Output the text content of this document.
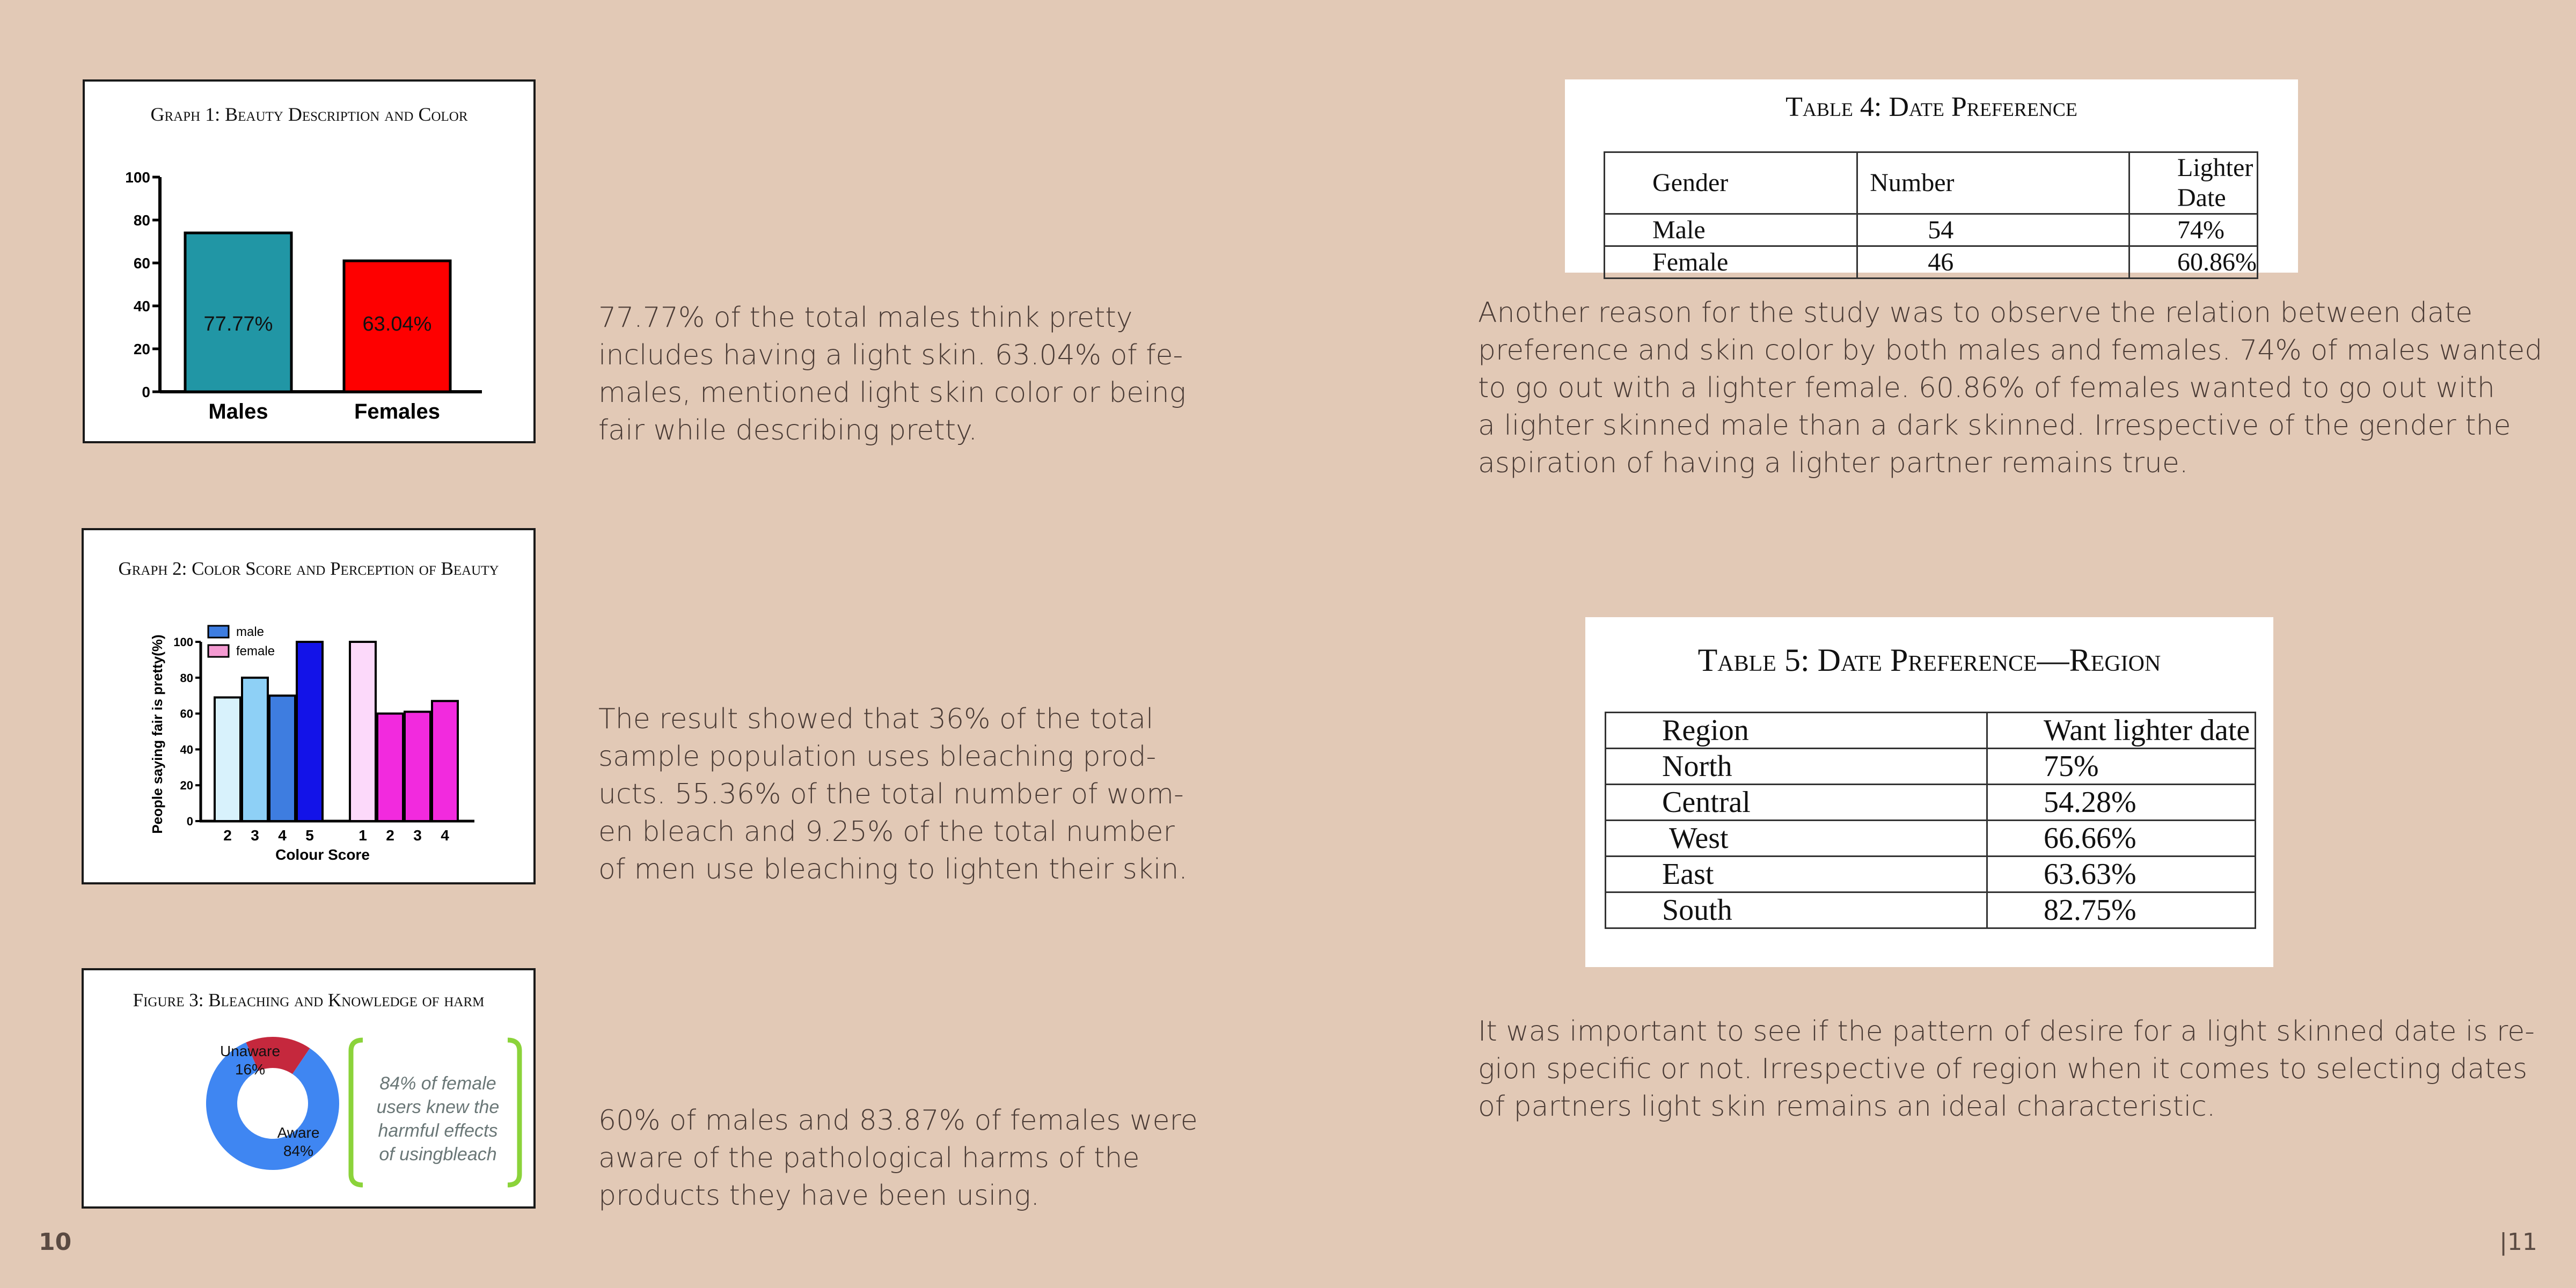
Graph 1: Beauty Description and Color
0
20
40
60
80
100
77.77%
Males
63.04%
Females
Graph 2: Color Score and Perception of Beauty
0
20
40
60
80
100
2 3 4 5	1 2 3 4
Colour Score
People saying fair is pretty(%)
male
female
Figure 3: Bleaching and Knowledge of harm
Unaware
16%
Aware
84%
84% of female
users knew the
harmful effects
of usingbleach

77.77% of the total males think pretty

includes having a light skin. 63.04% of fe-

males, mentioned light skin color or being

fair while describing pretty.

The result showed that 36% of the total

sample population uses bleaching prod-

ucts. 55.36% of the total number of wom-

en bleach and 9.25% of the total number

of men use bleaching to lighten their skin.

60% of males and 83.87% of females were

aware of the pathological harms of the

products they have been using.

Table 4: Date Preference
Gender	Number	Lighter Date
Male	54	74%
Female	46	60.86%

Another reason for the study was to observe the relation between date

preference and skin color by both males and females. 74% of males wanted

to go out with a lighter female. 60.86% of females wanted to go out with

a lighter skinned male than a dark skinned. Irrespective of the gender the

aspiration of having a lighter partner remains true.

Table 5: Date Preference—Region
Region	Want lighter date
North	75%
Central	54.28%
West	66.66%
East	63.63%
South	82.75%

It was important to see if the pattern of desire for a light skinned date is re-

gion specific or not. Irrespective of region when it comes to selecting dates

of partners light skin remains an ideal characteristic.

10	|11
